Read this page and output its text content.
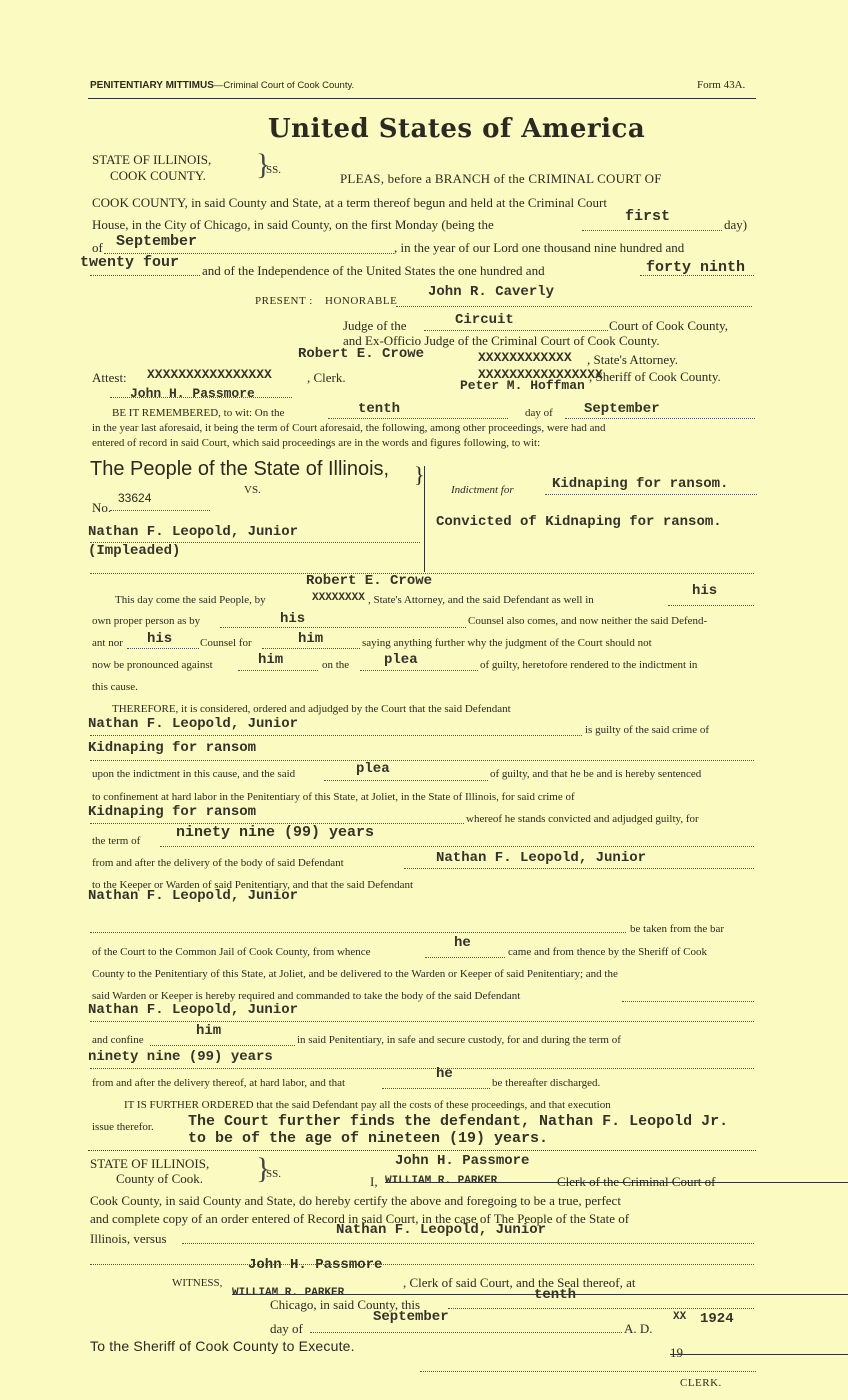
PENITENTIARY MITTIMUS—Criminal Court of Cook County.	Form 43A.
United States of America
STATE OF ILLINOIS,
COOK COUNTY. }
SS.
PLEAS, before a BRANCH of the CRIMINAL COURT OF
COOK COUNTY, in said County and State, at a term thereof begun and held at the Criminal Court
House, in the City of Chicago, in said County, on the first Monday (being the	first	day)
of September	, in the year of our Lord one thousand nine hundred and
twenty four and of the Independence of the United States the one hundred and	forty ninth
PRESENT : HONORABLE
John R. Caverly
Judge of the	Circuit	Court of Cook County,
and Ex-Officio Judge of the Criminal Court of Cook County.
Robert E. Crowe	XXXXXXXXXXXX , State's Attorney.
Attest: XXXXXXXXXXXXXXXX	, Clerk.	XXXXXXXXXXXXXXXX
, Sheriff of Cook County.
John H. Passmore
Peter M. Hoffman
BE IT REMEMBERED, to wit: On the	tenth	day of September
in the year last aforesaid, it being the term of Court aforesaid, the following, among other proceedings, were had and
entered of record in said Court, which said proceedings are in the words and figures following, to wit:
The People of the State of Illinois,
VS.
No.
33624
Nathan F. Leopold, Junior
(Impleaded)
}
Indictment for	Kidnaping for ransom.
Convicted of Kidnaping for ransom.
Robert E. Crowe
This day come the said People, by	XXXXXXXX , State's Attorney, and the said Defendant as well in
his
own proper person as by	his	Counsel also comes, and now neither the said Defend-
ant nor his	Counsel for	him	saying anything further why the judgment of the Court should not
now be pronounced against	him	on the plea	of guilty, heretofore rendered to the indictment in
this cause.
THEREFORE, it is considered, ordered and adjudged by the Court that the said Defendant
Nathan F. Leopold, Junior	is guilty of the said crime of
Kidnaping for ransom
upon the indictment in this cause, and the said	plea	of guilty, and that he be and is hereby sentenced
to confinement at hard labor in the Penitentiary of this State, at Joliet, in the State of Illinois, for said crime of
Kidnaping for ransom	whereof he stands convicted and adjudged guilty, for
the term of ninety nine (99) years
from and after the delivery of the body of said Defendant	Nathan F. Leopold, Junior
to the Keeper or Warden of said Penitentiary, and that the said Defendant
Nathan F. Leopold, Junior
be taken from the bar
of the Court to the Common Jail of Cook County, from whence
he
came and from thence by the Sheriff of Cook
County to the Penitentiary of this State, at Joliet, and be delivered to the Warden or Keeper of said Penitentiary; and the
said Warden or Keeper is hereby required and commanded to take the body of the said Defendant
Nathan F. Leopold, Junior
and confine
him
in said Penitentiary, in safe and secure custody, for and during the term of
ninety nine (99) years
from and after the delivery thereof, at hard labor, and that
he
be thereafter discharged.
IT IS FURTHER ORDERED that the said Defendant pay all the costs of these proceedings, and that execution
issue therefor. The Court further finds the defendant, Nathan F. Leopold Jr.
to be of the age of nineteen (19) years.
STATE OF ILLINOIS,
County of Cook. }
SS.
John H. Passmore
I, WILLIAM R. PARKER	Clerk of the Criminal Court of
Cook County, in said County and State, do hereby certify the above and foregoing to be a true, perfect
and complete copy of an order entered of Record in said Court, in the case of The People of the State of
Illinois, versus
Nathan F. Leopold, Junior
John H. Passmore
WITNESS,
WILLIAM R. PARKER
, Clerk of said Court, and the Seal thereof, at
Chicago, in said County, this
tenth
day of
September
A. D.
19
XX 1924
To the Sheriff of Cook County to Execute.
CLERK.
